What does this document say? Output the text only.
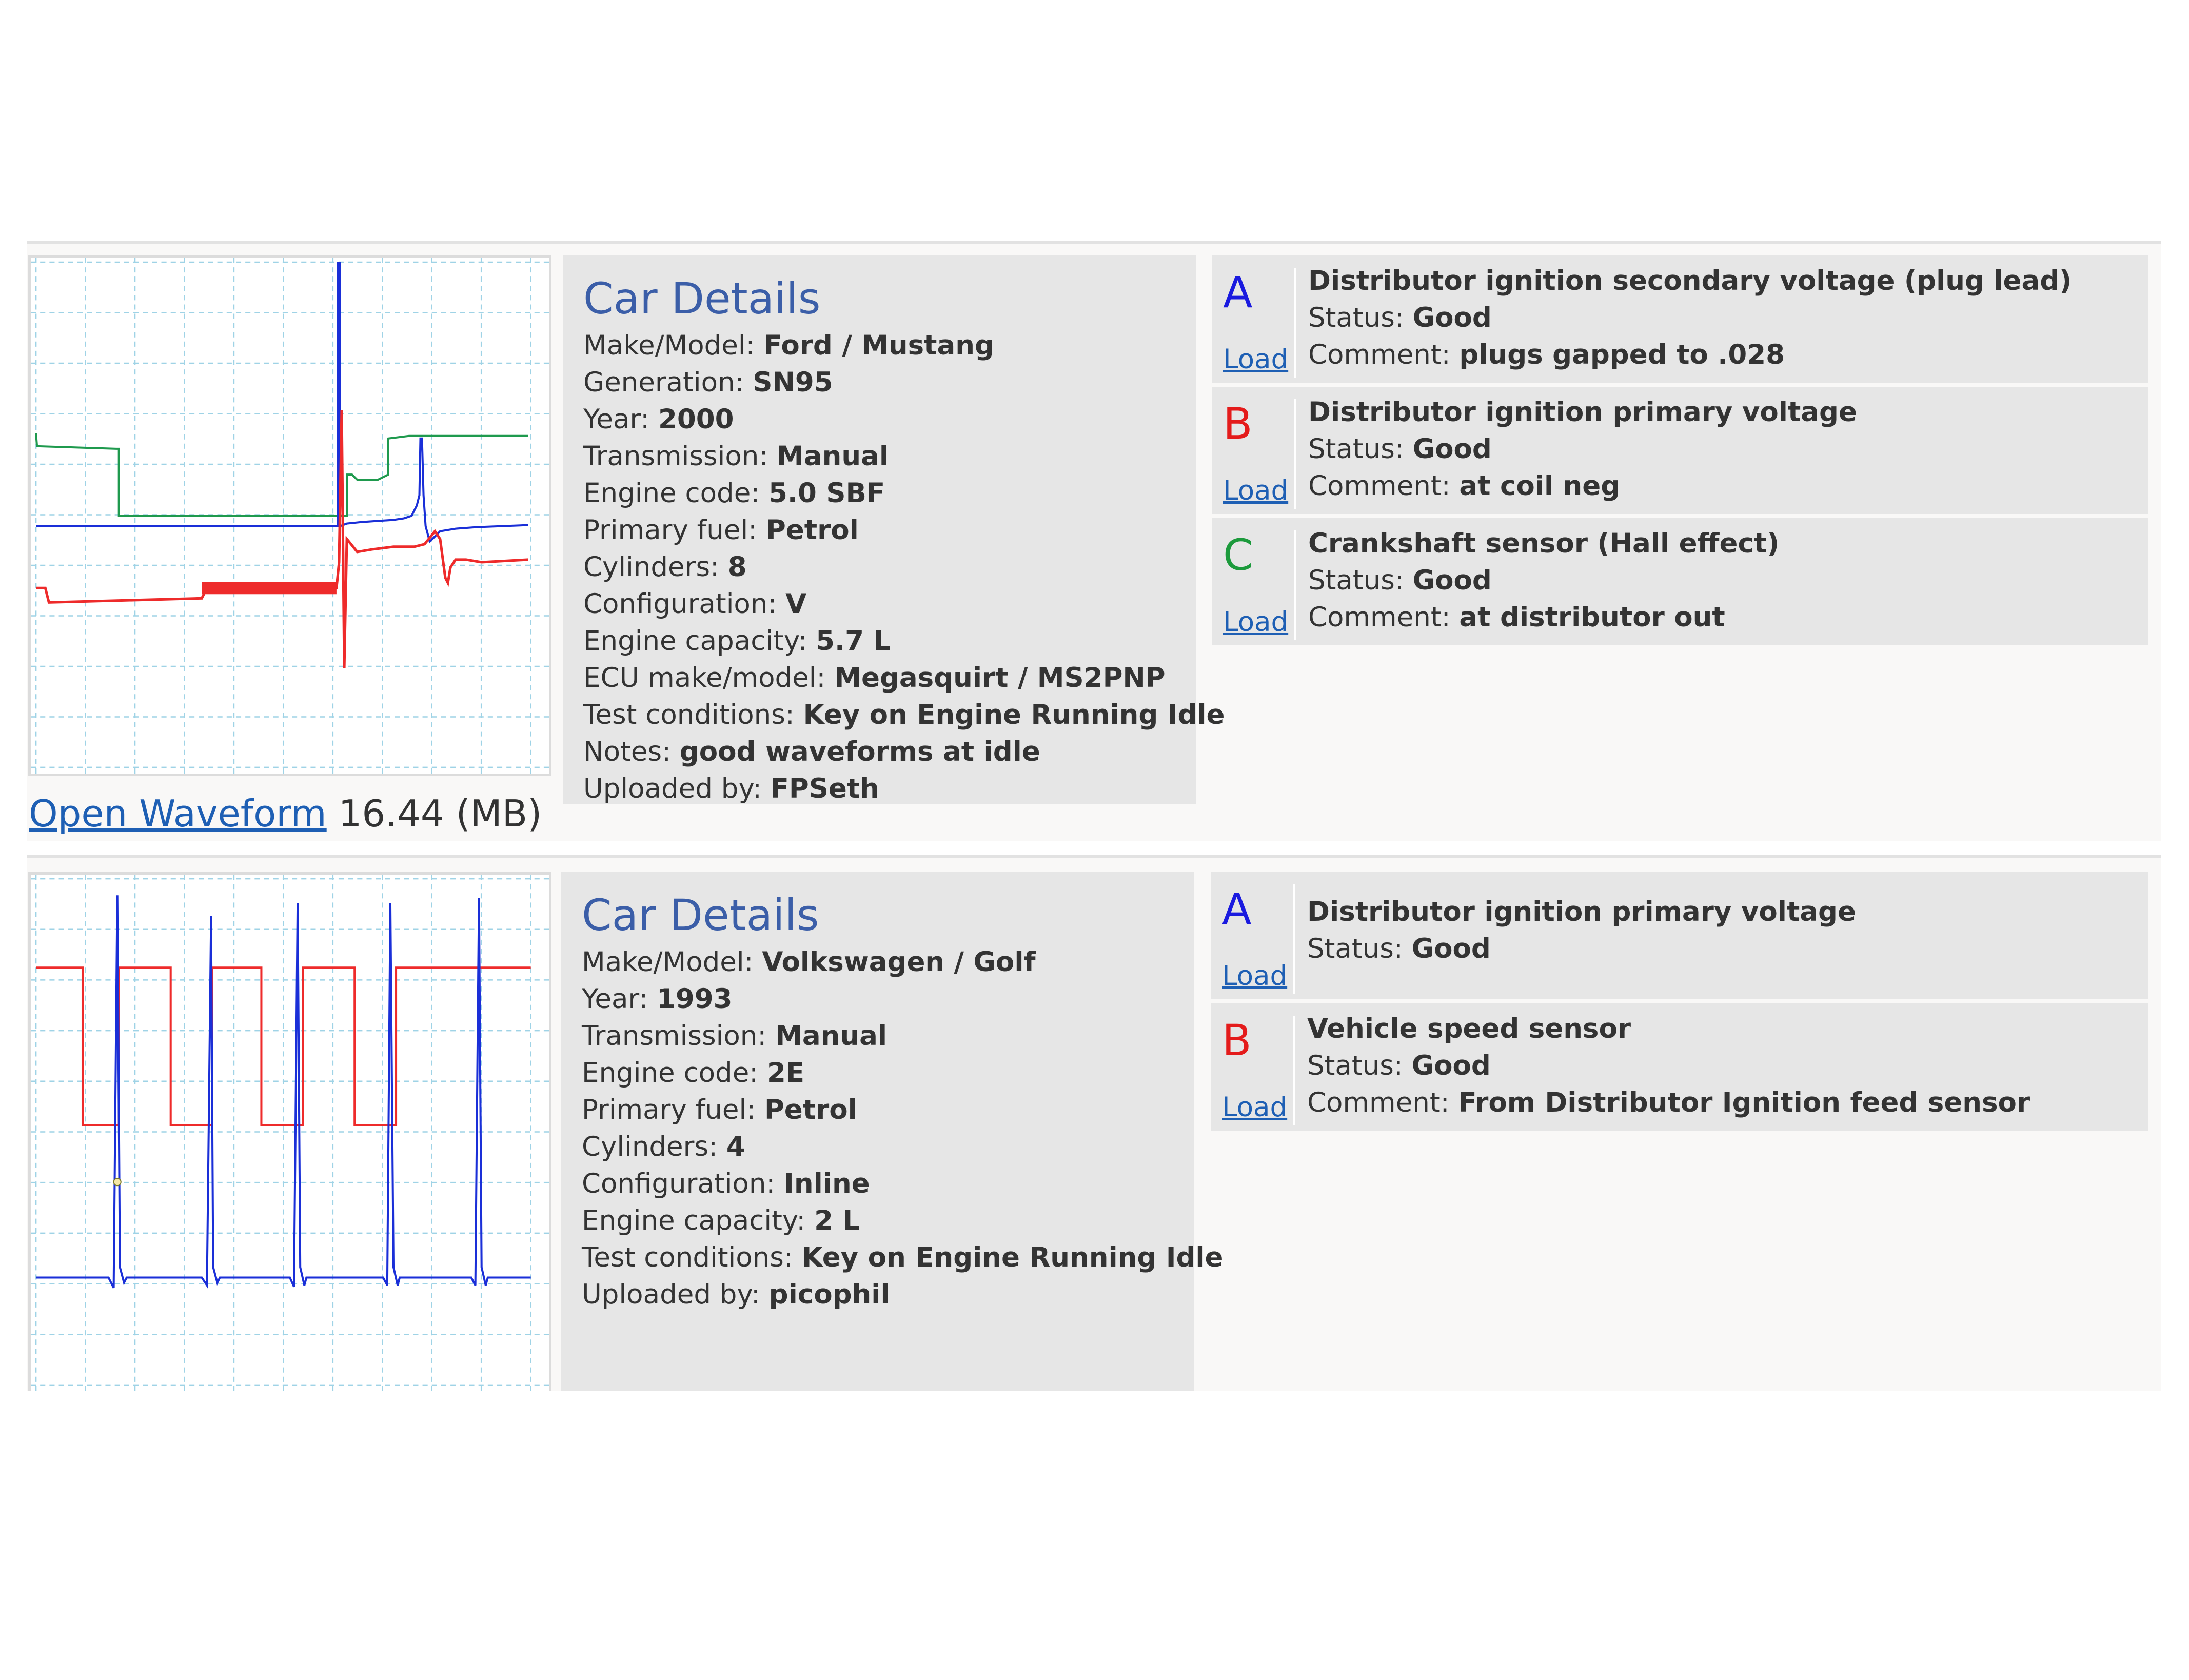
Open Waveform 16.44 (MB)
Car Details
Make/Model: Ford / Mustang
Generation: SN95
Year: 2000
Transmission: Manual
Engine code: 5.0 SBF
Primary fuel: Petrol
Cylinders: 8
Configuration: V
Engine capacity: 5.7 L
ECU make/model: Megasquirt / MS2PNP
Test conditions: Key on Engine Running Idle
Notes: good waveforms at idle
Uploaded by: FPSeth
A
Load
Distributor ignition secondary voltage (plug lead)
Status: Good
Comment: plugs gapped to .028
B
Load
Distributor ignition primary voltage
Status: Good
Comment: at coil neg
C
Load
Crankshaft sensor (Hall effect)
Status: Good
Comment: at distributor out
Car Details
Make/Model: Volkswagen / Golf
Year: 1993
Transmission: Manual
Engine code: 2E
Primary fuel: Petrol
Cylinders: 4
Configuration: Inline
Engine capacity: 2 L
Test conditions: Key on Engine Running Idle
Uploaded by: picophil
A
Load
Distributor ignition primary voltage
Status: Good
B
Load
Vehicle speed sensor
Status: Good
Comment: From Distributor Ignition feed sensor
